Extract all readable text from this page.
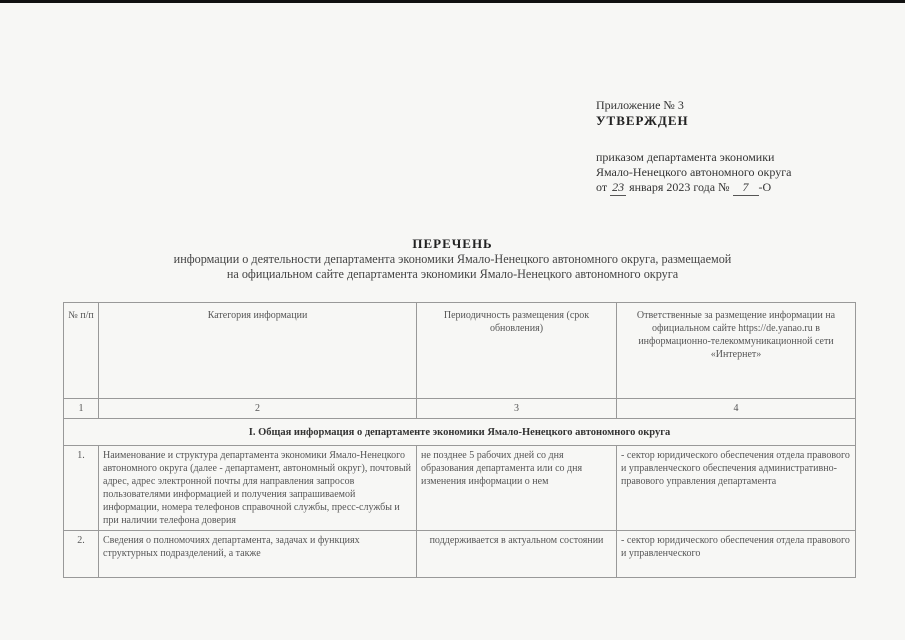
Приложение № 3
УТВЕРЖДЕН
приказом департамента экономики
Ямало-Ненецкого автономного округа
от 23 января 2023 года № 7 -О
ПЕРЕЧЕНЬ
информации о деятельности департамента экономики Ямало-Ненецкого автономного округа, размещаемой
на официальном сайте департамента экономики Ямало-Ненецкого автономного округа
№ п/п	Категория информации	Периодичность размещения (срок обновления)	Ответственные за размещение информации на официальном сайте https://de.yanao.ru в информационно-телекоммуникационной сети «Интернет»
1	2	3	4
I. Общая информация о департаменте экономики Ямало-Ненецкого автономного округа			
1.	Наименование и структура департамента экономики Ямало-Ненецкого автономного округа (далее - департамент, автономный округ), почтовый адрес, адрес электронной почты для направления запросов пользователями информацией и получения запрашиваемой информации, номера телефонов справочной службы, пресс-службы и при наличии телефона доверия	не позднее 5 рабочих дней со дня образования департамента или со дня изменения информации о нем	- сектор юридического обеспечения отдела правового и управленческого обеспечения административно-правового управления департамента
2.	Сведения о полномочиях департамента, задачах и функциях структурных подразделений, а также	поддерживается в актуальном состоянии	- сектор юридического обеспечения отдела правового и управленческого
